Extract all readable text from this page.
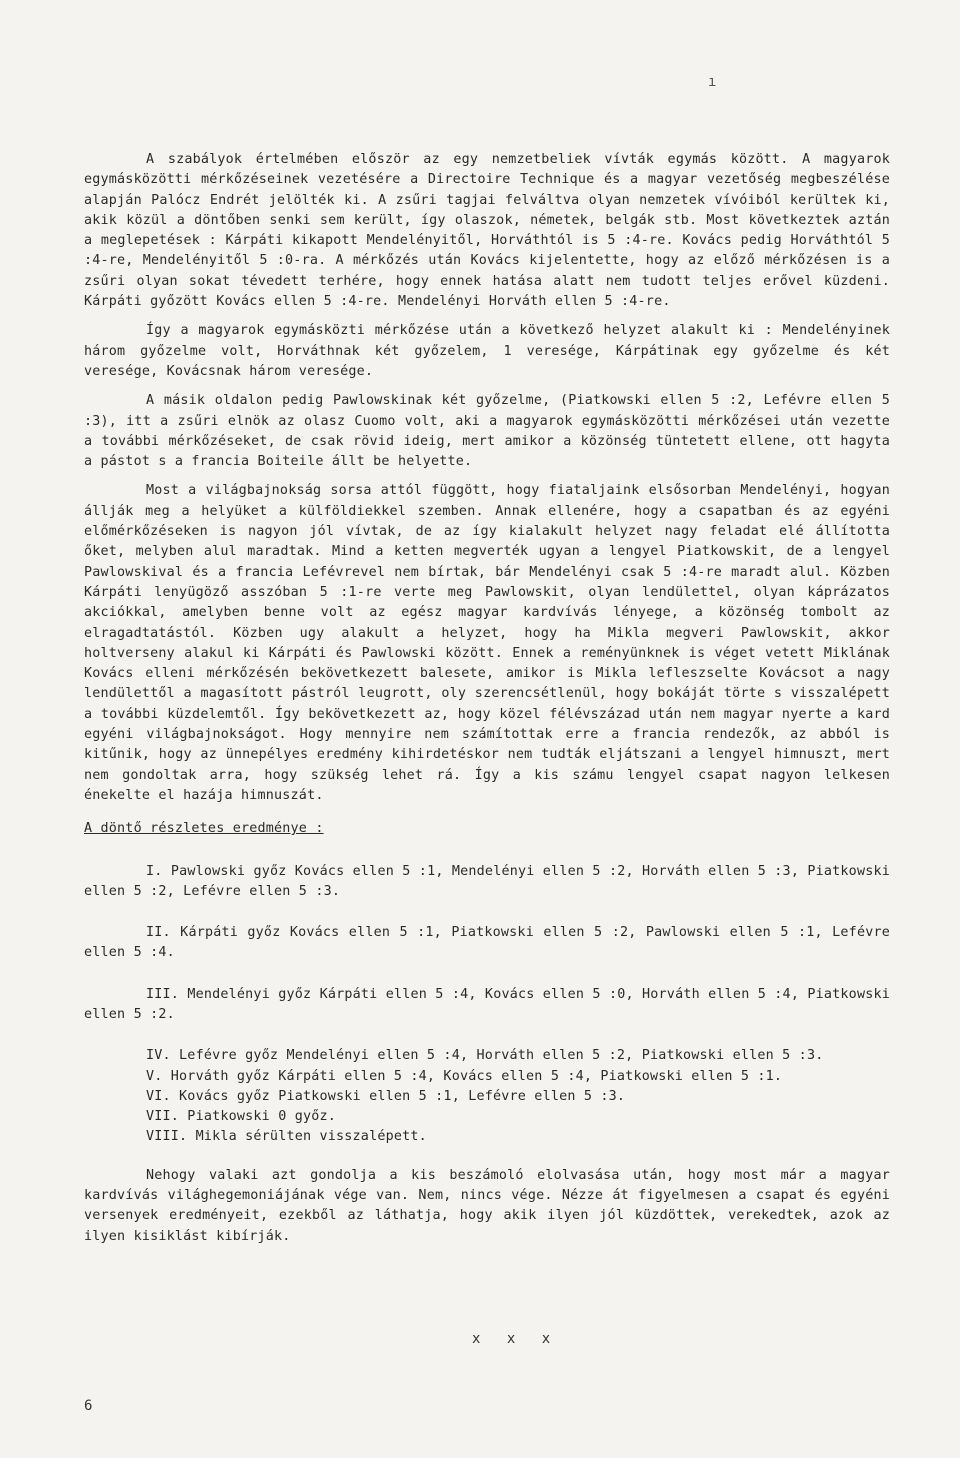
ı

A szabályok értelmében először az egy nemzetbeliek vívták egymás között. A magyarok egymásközötti mérkőzéseinek vezetésére a Directoire Technique és a magyar vezetőség megbeszélése alapján Palócz Endrét jelölték ki. A zsűri tagjai felváltva olyan nemzetek vívóiból kerültek ki, akik közül a döntőben senki sem került, így olaszok, németek, belgák stb. Most következtek aztán a meglepetések : Kárpáti kikapott Mendelényitől, Horváthtól is 5 :4-re. Kovács pedig Horváthtól 5 :4-re, Mendelényitől 5 :0-ra. A mérkőzés után Kovács kijelentette, hogy az előző mérkőzésen is a zsűri olyan sokat tévedett terhére, hogy ennek hatása alatt nem tudott teljes erővel küzdeni. Kárpáti győzött Kovács ellen 5 :4-re. Mendelényi Horváth ellen 5 :4-re.

Így a magyarok egymásközti mérkőzése után a következő helyzet alakult ki : Mendelényinek három győzelme volt, Horváthnak két győzelem, 1 veresége, Kárpátinak egy győzelme és két veresége, Kovácsnak három veresége.

A másik oldalon pedig Pawlowskinak két győzelme, (Piatkowski ellen 5 :2, Lefévre ellen 5 :3), itt a zsűri elnök az olasz Cuomo volt, aki a magyarok egymásközötti mérkőzései után vezette a további mérkőzéseket, de csak rövid ideig, mert amikor a közönség tüntetett ellene, ott hagyta a pástot s a francia Boiteile állt be helyette.

Most a világbajnokság sorsa attól függött, hogy fiataljaink elsősorban Mendelényi, hogyan állják meg a helyüket a külföldiekkel szemben. Annak ellenére, hogy a csapatban és az egyéni előmérkőzéseken is nagyon jól vívtak, de az így kialakult helyzet nagy feladat elé állította őket, melyben alul maradtak. Mind a ketten megverték ugyan a lengyel Piatkowskit, de a lengyel Pawlowskival és a francia Lefévrevel nem bírtak, bár Mendelényi csak 5 :4-re maradt alul. Közben Kárpáti lenyügöző asszóban 5 :1-re verte meg Pawlowskit, olyan lendülettel, olyan káprázatos akciókkal, amelyben benne volt az egész magyar kardvívás lényege, a közönség tombolt az elragadtatástól. Közben ugy alakult a helyzet, hogy ha Mikla megveri Pawlowskit, akkor holtverseny alakul ki Kárpáti és Pawlowski között. Ennek a reményünknek is véget vetett Miklának Kovács elleni mérkőzésén bekövetkezett balesete, amikor is Mikla lefleszselte Kovácsot a nagy lendülettől a magasított pástról leugrott, oly szerencsétlenül, hogy bokáját törte s visszalépett a további küzdelemtől. Így bekövetkezett az, hogy közel félévszázad után nem magyar nyerte a kard egyéni világbajnokságot. Hogy mennyire nem számítottak erre a francia rendezők, az abból is kitűnik, hogy az ünnepélyes eredmény kihirdetéskor nem tudták eljátszani a lengyel himnuszt, mert nem gondoltak arra, hogy szükség lehet rá. Így a kis számu lengyel csapat nagyon lelkesen énekelte el hazája himnuszát.

A döntő részletes eredménye :

I. Pawlowski győz Kovács ellen 5 :1, Mendelényi ellen 5 :2, Horváth ellen 5 :3, Piatkowski ellen 5 :2, Lefévre ellen 5 :3.

II. Kárpáti győz Kovács ellen 5 :1, Piatkowski ellen 5 :2, Pawlowski ellen 5 :1, Lefévre ellen 5 :4.

III. Mendelényi győz Kárpáti ellen 5 :4, Kovács ellen 5 :0, Horváth ellen 5 :4, Piatkowski ellen 5 :2.

IV. Lefévre győz Mendelényi ellen 5 :4, Horváth ellen 5 :2, Piatkowski ellen 5 :3.

V. Horváth győz Kárpáti ellen 5 :4, Kovács ellen 5 :4, Piatkowski ellen 5 :1.

VI. Kovács győz Piatkowski ellen 5 :1, Lefévre ellen 5 :3.

VII. Piatkowski 0 győz.

VIII. Mikla sérülten visszalépett.

Nehogy valaki azt gondolja a kis beszámoló elolvasása után, hogy most már a magyar kardvívás világhegemoniájának vége van. Nem, nincs vége. Nézze át figyelmesen a csapat és egyéni versenyek eredményeit, ezekből az láthatja, hogy akik ilyen jól küzdöttek, verekedtek, azok az ilyen kisiklást kibírják.

x x x
6
